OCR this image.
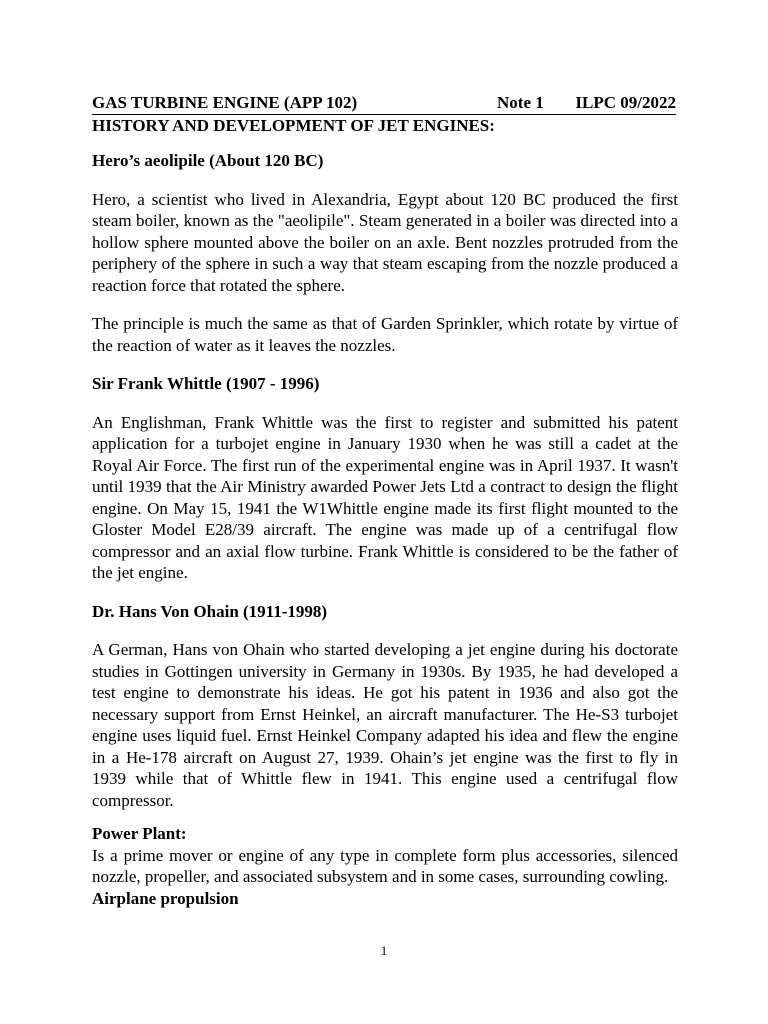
GAS TURBINE ENGINE (APP 102)	Note 1 ILPC 09/2022
HISTORY AND DEVELOPMENT OF JET ENGINES:
Hero’s aeolipile (About 120 BC)

Hero, a scientist who lived in Alexandria, Egypt about 120 BC produced the first steam boiler, known as the "aeolipile". Steam generated in a boiler was directed into a hollow sphere mounted above the boiler on an axle. Bent nozzles protruded from the periphery of the sphere in such a way that steam escaping from the nozzle produced a reaction force that rotated the sphere.

The principle is much the same as that of Garden Sprinkler, which rotate by virtue of the reaction of water as it leaves the nozzles.

Sir Frank Whittle (1907 - 1996)

An Englishman, Frank Whittle was the first to register and submitted his patent application for a turbojet engine in January 1930 when he was still a cadet at the Royal Air Force. The first run of the experimental engine was in April 1937. It wasn't until 1939 that the Air Ministry awarded Power Jets Ltd a contract to design the flight engine. On May 15, 1941 the W1Whittle engine made its first flight mounted to the Gloster Model E28/39 aircraft. The engine was made up of a centrifugal flow compressor and an axial flow turbine. Frank Whittle is considered to be the father of the jet engine.

Dr. Hans Von Ohain (1911-1998)

A German, Hans von Ohain who started developing a jet engine during his doctorate studies in Gottingen university in Germany in 1930s. By 1935, he had developed a test engine to demonstrate his ideas. He got his patent in 1936 and also got the necessary support from Ernst Heinkel, an aircraft manufacturer. The He-S3 turbojet engine uses liquid fuel. Ernst Heinkel Company adapted his idea and flew the engine in a He-178 aircraft on August 27, 1939. Ohain’s jet engine was the first to fly in 1939 while that of Whittle flew in 1941. This engine used a centrifugal flow compressor.

Power Plant:

Is a prime mover or engine of any type in complete form plus accessories, silenced nozzle, propeller, and associated subsystem and in some cases, surrounding cowling.

Airplane propulsion
1
